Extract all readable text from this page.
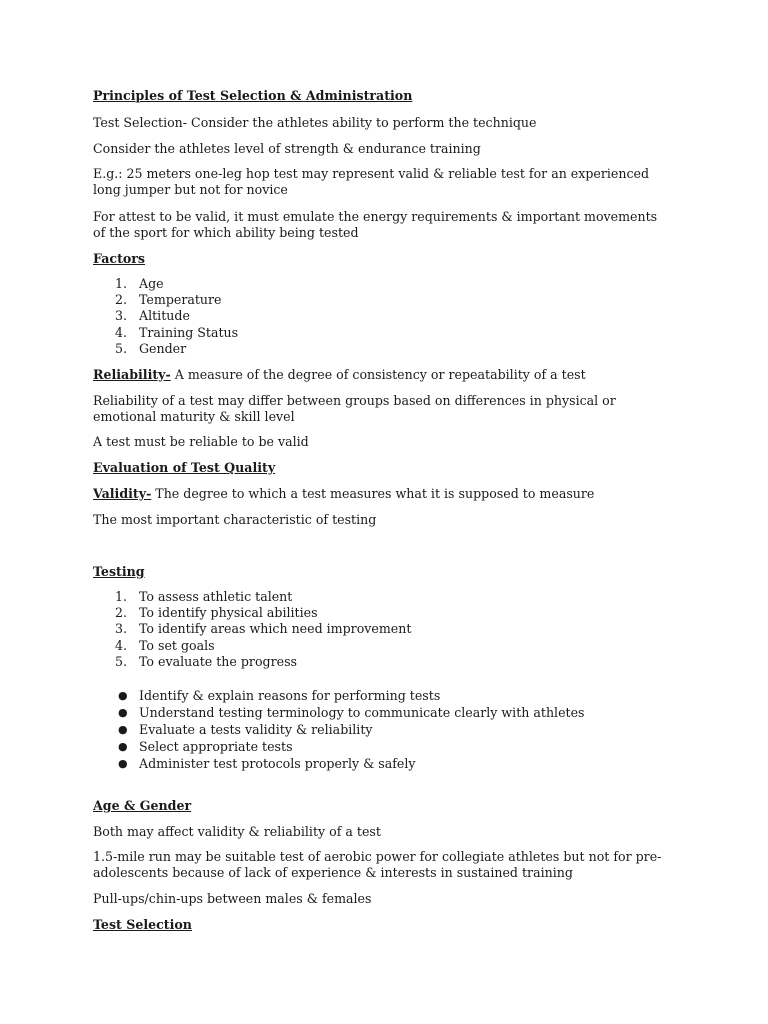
Principles of Test Selection & Administration
Test Selection- Consider the athletes ability to perform the technique
Consider the athletes level of strength & endurance training
E.g.: 25 meters one-leg hop test may represent valid & reliable test for an experienced long jumper but not for novice
For attest to be valid, it must emulate the energy requirements & important movements of the sport for which ability being tested
Factors
1. Age
2. Temperature
3. Altitude
4. Training Status
5. Gender
Reliability- A measure of the degree of consistency or repeatability of a test
Reliability of a test may differ between groups based on differences in physical or emotional maturity & skill level
A test must be reliable to be valid
Evaluation of Test Quality
Validity- The degree to which a test measures what it is supposed to measure
The most important characteristic of testing
Testing
1. To assess athletic talent
2. To identify physical abilities
3. To identify areas which need improvement
4. To set goals
5. To evaluate the progress
● Identify & explain reasons for performing tests
● Understand testing terminology to communicate clearly with athletes
● Evaluate a tests validity & reliability
● Select appropriate tests
● Administer test protocols properly & safely
Age & Gender
Both may affect validity & reliability of a test
1.5-mile run may be suitable test of aerobic power for collegiate athletes but not for pre-adolescents because of lack of experience & interests in sustained training
Pull-ups/chin-ups between males & females
Test Selection
